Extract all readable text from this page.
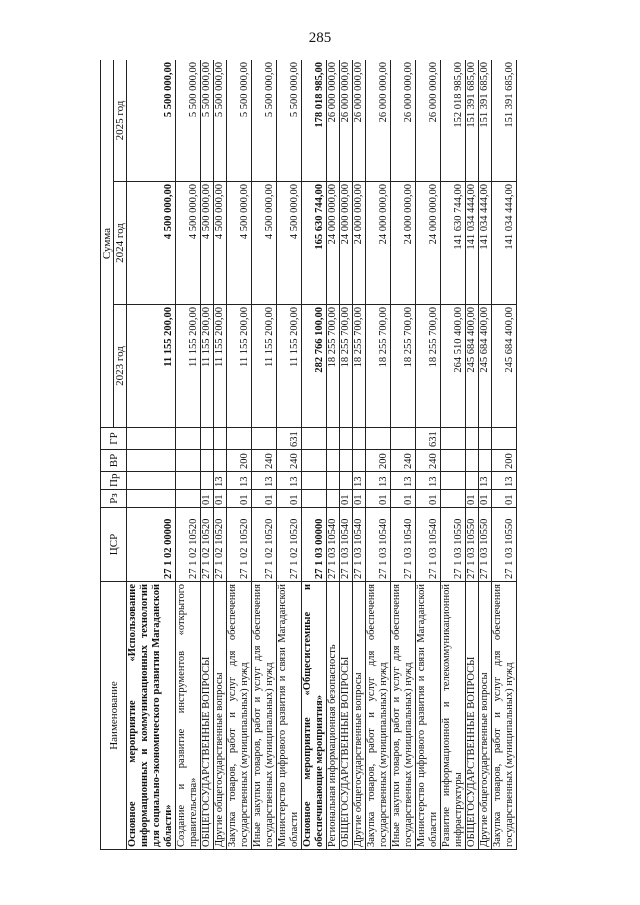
285
Наименование	ЦСР	Рз	Пр	ВР	ГР	Сумма		
						2023 год	2024 год	2025 год
Основное мероприятие «Использование информационных и коммуникационных технологий для социально-экономического развития Магаданской области»	27 1 02 00000					11 155 200,00	4 500 000,00	5 500 000,00
Создание и развитие инструментов «открытого правительства»	27 1 02 10520					11 155 200,00	4 500 000,00	5 500 000,00
ОБЩЕГОСУДАРСТВЕННЫЕ ВОПРОСЫ	27 1 02 10520	01				11 155 200,00	4 500 000,00	5 500 000,00
Другие общегосударственные вопросы	27 1 02 10520	01	13			11 155 200,00	4 500 000,00	5 500 000,00
Закупка товаров, работ и услуг для обеспечения государственных (муниципальных) нужд	27 1 02 10520	01	13	200		11 155 200,00	4 500 000,00	5 500 000,00
Иные закупки товаров, работ и услуг для обеспечения государственных (муниципальных) нужд	27 1 02 10520	01	13	240		11 155 200,00	4 500 000,00	5 500 000,00
Министерство цифрового развития и связи Магаданской области	27 1 02 10520	01	13	240	631	11 155 200,00	4 500 000,00	5 500 000,00
Основное мероприятие «Общесистемные и обеспечивающие мероприятия»	27 1 03 00000					282 766 100,00	165 630 744,00	178 018 985,00
Региональная информационная безопасность	27 1 03 10540					18 255 700,00	24 000 000,00	26 000 000,00
ОБЩЕГОСУДАРСТВЕННЫЕ ВОПРОСЫ	27 1 03 10540	01				18 255 700,00	24 000 000,00	26 000 000,00
Другие общегосударственные вопросы	27 1 03 10540	01	13			18 255 700,00	24 000 000,00	26 000 000,00
Закупка товаров, работ и услуг для обеспечения государственных (муниципальных) нужд	27 1 03 10540	01	13	200		18 255 700,00	24 000 000,00	26 000 000,00
Иные закупки товаров, работ и услуг для обеспечения государственных (муниципальных) нужд	27 1 03 10540	01	13	240		18 255 700,00	24 000 000,00	26 000 000,00
Министерство цифрового развития и связи Магаданской области	27 1 03 10540	01	13	240	631	18 255 700,00	24 000 000,00	26 000 000,00
Развитие информационной и телекоммуникационной инфраструктуры	27 1 03 10550					264 510 400,00	141 630 744,00	152 018 985,00
ОБЩЕГОСУДАРСТВЕННЫЕ ВОПРОСЫ	27 1 03 10550	01				245 684 400,00	141 034 444,00	151 391 685,00
Другие общегосударственные вопросы	27 1 03 10550	01	13			245 684 400,00	141 034 444,00	151 391 685,00
Закупка товаров, работ и услуг для обеспечения государственных (муниципальных) нужд	27 1 03 10550	01	13	200		245 684 400,00	141 034 444,00	151 391 685,00
